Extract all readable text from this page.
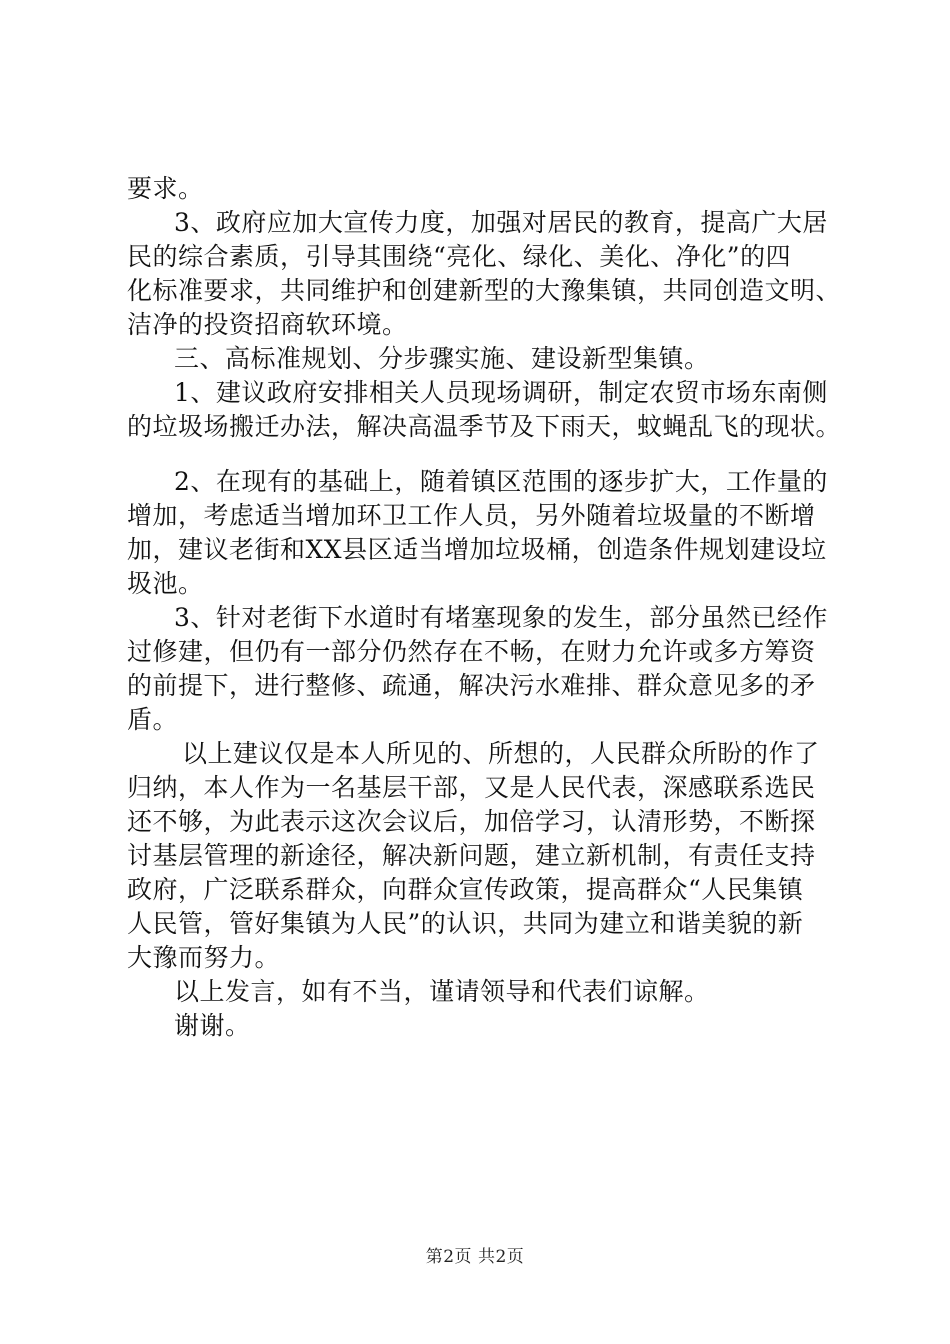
要求。
3、政府应加大宣传力度，加强对居民的教育，提高广大居
民的综合素质，引导其围绕“亮化、绿化、美化、净化”的四
化标准要求，共同维护和创建新型的大豫集镇，共同创造文明、
洁净的投资招商软环境。
三、高标准规划、分步骤实施、建设新型集镇。
1、建议政府安排相关人员现场调研，制定农贸市场东南侧
的垃圾场搬迁办法，解决高温季节及下雨天，蚊蝇乱飞的现状。
2、在现有的基础上，随着镇区范围的逐步扩大，工作量的
增加，考虑适当增加环卫工作人员，另外随着垃圾量的不断增
加，建议老街和XX县区适当增加垃圾桶，创造条件规划建设垃
圾池。
3、针对老街下水道时有堵塞现象的发生，部分虽然已经作
过修建，但仍有一部分仍然存在不畅，在财力允许或多方筹资
的前提下，进行整修、疏通，解决污水难排、群众意见多的矛
盾。
以上建议仅是本人所见的、所想的，人民群众所盼的作了
归纳，本人作为一名基层干部，又是人民代表，深感联系选民
还不够，为此表示这次会议后，加倍学习，认清形势，不断探
讨基层管理的新途径，解决新问题，建立新机制，有责任支持
政府，广泛联系群众，向群众宣传政策，提高群众“人民集镇
人民管，管好集镇为人民”的认识，共同为建立和谐美貌的新
大豫而努力。
以上发言，如有不当，谨请领导和代表们谅解。
谢谢。
第2页 共2页
